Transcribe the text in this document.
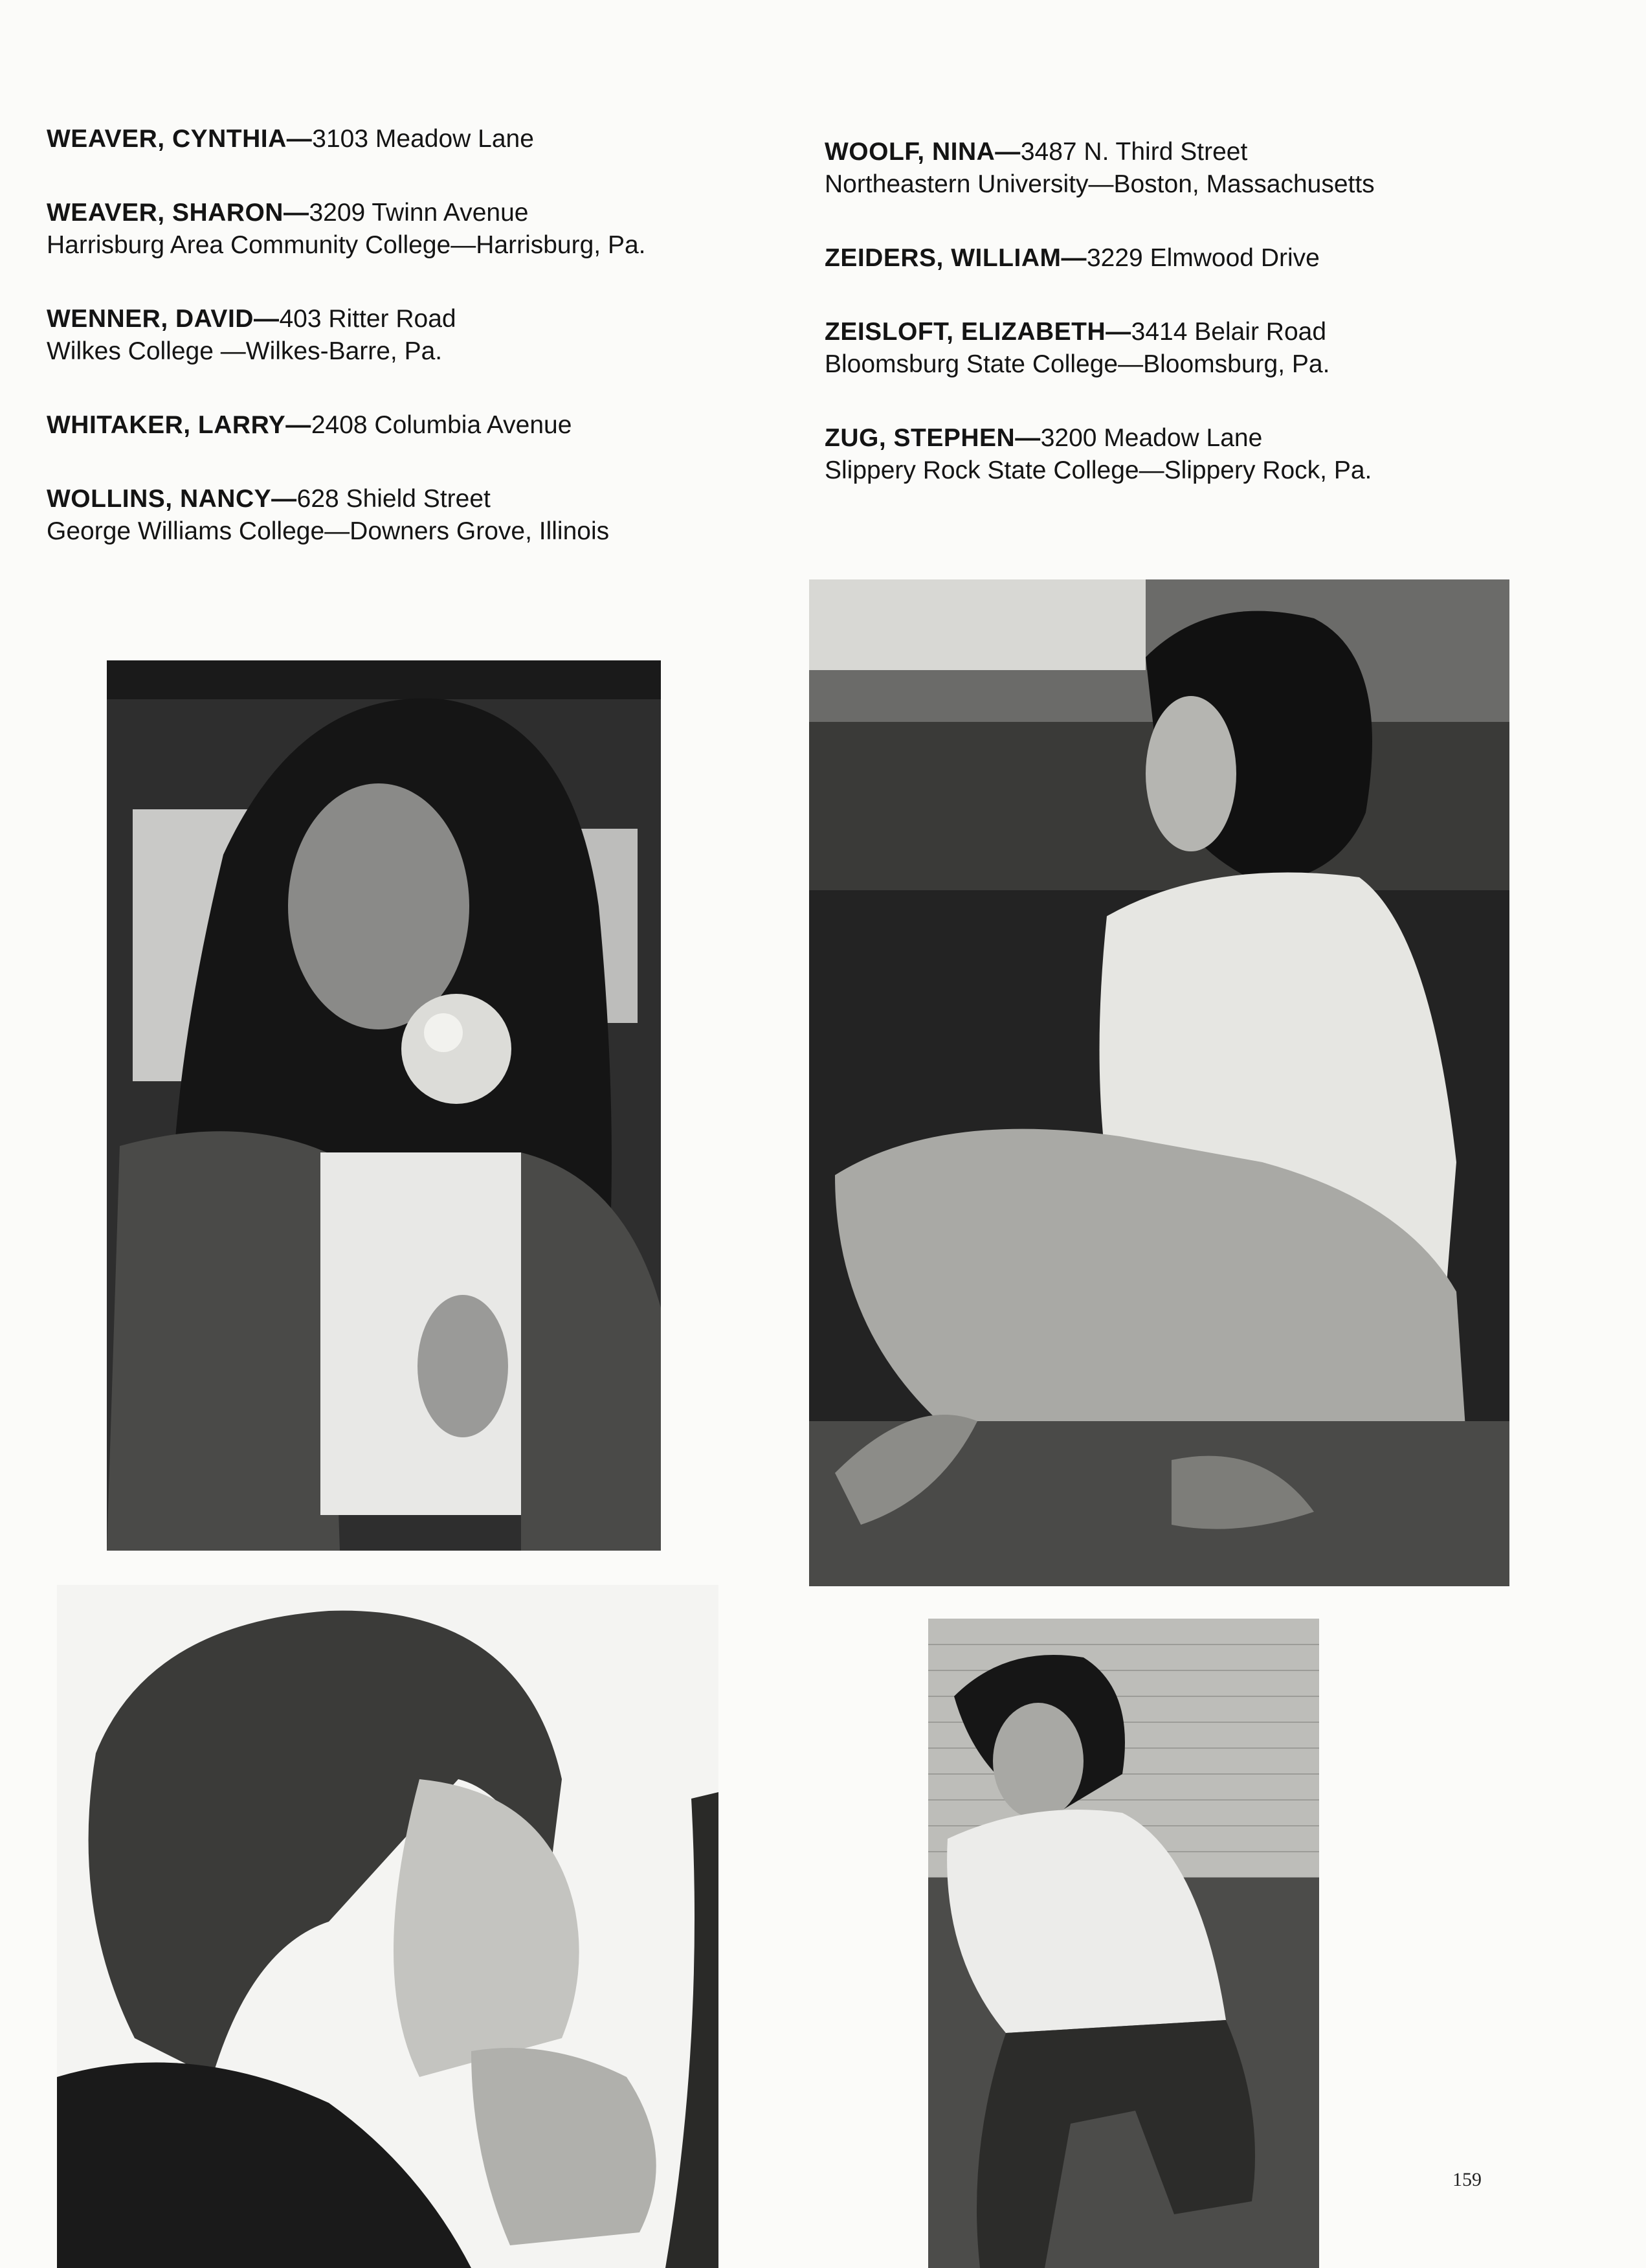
WEAVER, CYNTHIA—3103 Meadow Lane
WEAVER, SHARON—3209 Twinn Avenue
Harrisburg Area Community College—Harrisburg, Pa.
WENNER, DAVID—403 Ritter Road
Wilkes College —Wilkes-Barre, Pa.
WHITAKER, LARRY—2408 Columbia Avenue
WOLLINS, NANCY—628 Shield Street
George Williams College—Downers Grove, Illinois
WOOLF, NINA—3487 N. Third Street
Northeastern University—Boston, Massachusetts
ZEIDERS, WILLIAM—3229 Elmwood Drive
ZEISLOFT, ELIZABETH—3414 Belair Road
Bloomsburg State College—Bloomsburg, Pa.
ZUG, STEPHEN—3200 Meadow Lane
Slippery Rock State College—Slippery Rock, Pa.
159
